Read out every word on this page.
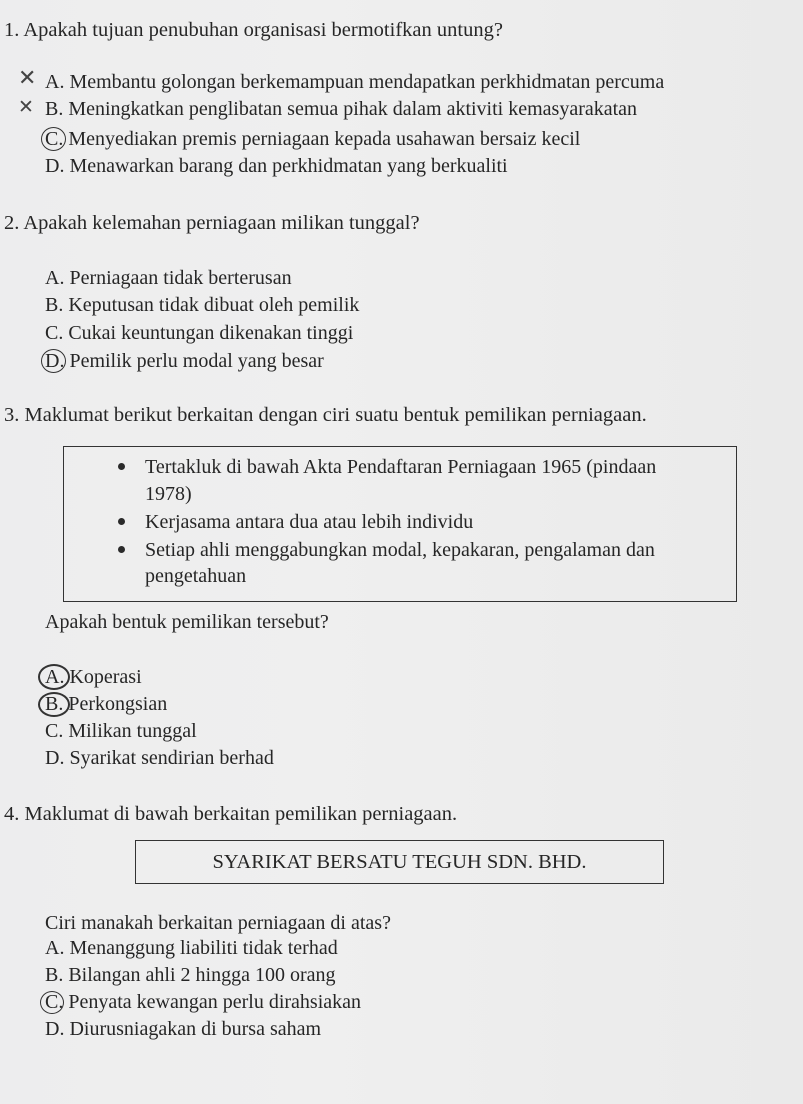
1. Apakah tujuan penubuhan organisasi bermotifkan untung?
✕ A. Membantu golongan berkemampuan mendapatkan perkhidmatan percuma
✕ B. Meningkatkan penglibatan semua pihak dalam aktiviti kemasyarakatan
C. Menyediakan premis perniagaan kepada usahawan bersaiz kecil
D. Menawarkan barang dan perkhidmatan yang berkualiti
2. Apakah kelemahan perniagaan milikan tunggal?
A. Perniagaan tidak berterusan
B. Keputusan tidak dibuat oleh pemilik
C. Cukai keuntungan dikenakan tinggi
D. Pemilik perlu modal yang besar
3. Maklumat berikut berkaitan dengan ciri suatu bentuk pemilikan perniagaan.
Tertakluk di bawah Akta Pendaftaran Perniagaan 1965 (pindaan
1978)
Kerjasama antara dua atau lebih individu
Setiap ahli menggabungkan modal, kepakaran, pengalaman dan
pengetahuan
Apakah bentuk pemilikan tersebut?
A. Koperasi
B. Perkongsian
C. Milikan tunggal
D. Syarikat sendirian berhad
4. Maklumat di bawah berkaitan pemilikan perniagaan.
SYARIKAT BERSATU TEGUH SDN. BHD.
Ciri manakah berkaitan perniagaan di atas?
A. Menanggung liabiliti tidak terhad
B. Bilangan ahli 2 hingga 100 orang
C. Penyata kewangan perlu dirahsiakan
D. Diurusniagakan di bursa saham
